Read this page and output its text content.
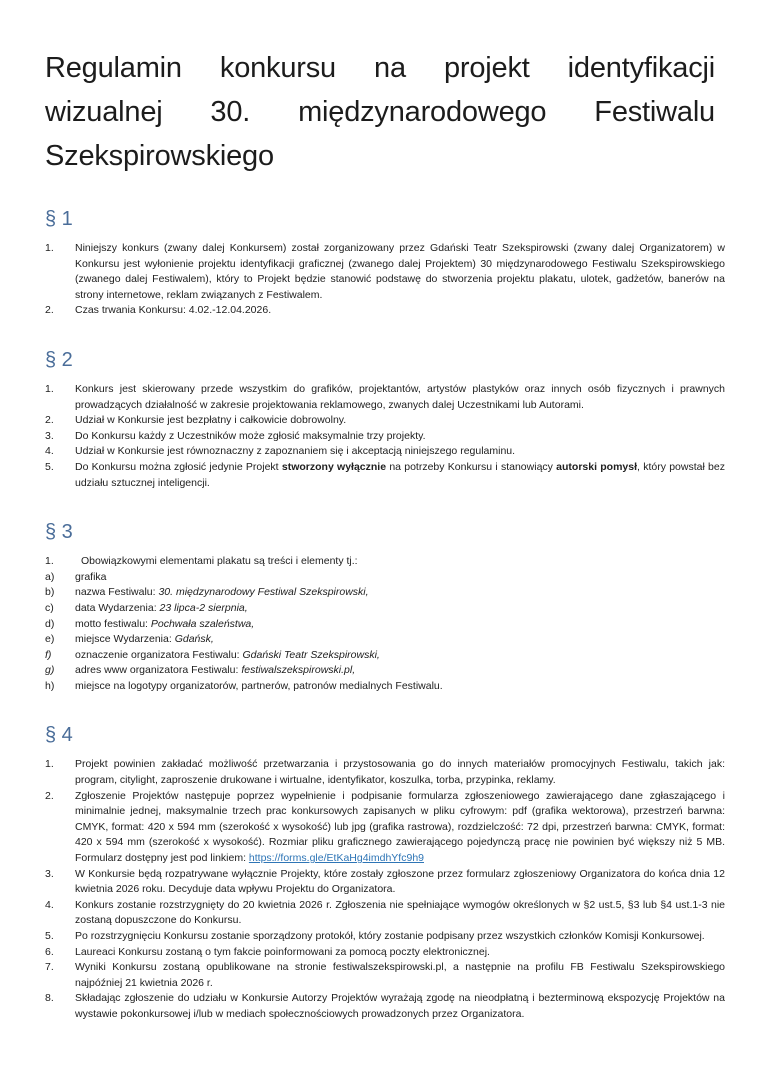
Regulamin konkursu na projekt identyfikacji wizualnej 30. międzynarodowego Festiwalu Szekspirowskiego
§ 1
1.	Niniejszy konkurs (zwany dalej Konkursem) został zorganizowany przez Gdański Teatr Szekspirowski (zwany dalej Organizatorem) w Konkursu jest wyłonienie projektu identyfikacji graficznej (zwanego dalej Projektem) 30 międzynarodowego Festiwalu Szekspirowskiego (zwanego dalej Festiwalem), który to Projekt będzie stanowić podstawę do stworzenia projektu plakatu, ulotek, gadżetów, banerów na strony internetowe, reklam związanych z Festiwalem.
2.	Czas trwania Konkursu: 4.02.-12.04.2026.
§ 2
1.	Konkurs jest skierowany przede wszystkim do grafików, projektantów, artystów plastyków oraz innych osób fizycznych i prawnych prowadzących działalność w zakresie projektowania reklamowego, zwanych dalej Uczestnikami lub Autorami.
2.	Udział w Konkursie jest bezpłatny i całkowicie dobrowolny.
3.	Do Konkursu każdy z Uczestników może zgłosić maksymalnie trzy projekty.
4.	Udział w Konkursie jest równoznaczny z zapoznaniem się i akceptacją niniejszego regulaminu.
5.	Do Konkursu można zgłosić jedynie Projekt stworzony wyłącznie na potrzeby Konkursu i stanowiący autorski pomysł, który powstał bez udziału sztucznej inteligencji.
§ 3
1.	Obowiązkowymi elementami plakatu są treści i elementy tj.:
a)	grafika
b)	nazwa Festiwalu: 30. międzynarodowy Festiwal Szekspirowski,
c)	data Wydarzenia: 23 lipca-2 sierpnia,
d)	motto festiwalu: Pochwała szaleństwa,
e)	miejsce Wydarzenia: Gdańsk,
f)	oznaczenie organizatora Festiwalu: Gdański Teatr Szekspirowski,
g)	adres www organizatora Festiwalu: festiwalszekspirowski.pl,
h)	miejsce na logotypy organizatorów, partnerów, patronów medialnych Festiwalu.
§ 4
1.	Projekt powinien zakładać możliwość przetwarzania i przystosowania go do innych materiałów promocyjnych Festiwalu, takich jak: program, citylight, zaproszenie drukowane i wirtualne, identyfikator, koszulka, torba, przypinka, reklamy.
2.	Zgłoszenie Projektów następuje poprzez wypełnienie i podpisanie formularza zgłoszeniowego zawierającego dane zgłaszającego i minimalnie jednej, maksymalnie trzech prac konkursowych zapisanych w pliku cyfrowym: pdf (grafika wektorowa), przestrzeń barwna: CMYK, format: 420 x 594 mm (szerokość x wysokość) lub jpg (grafika rastrowa), rozdzielczość: 72 dpi, przestrzeń barwna: CMYK, format: 420 x 594 mm (szerokość x wysokość). Rozmiar pliku graficznego zawierającego pojedynczą pracę nie powinien być większy niż 5 MB. Formularz dostępny jest pod linkiem: https://forms.gle/EtKaHg4imdhYfc9h9
3.	W Konkursie będą rozpatrywane wyłącznie Projekty, które zostały zgłoszone przez formularz zgłoszeniowy Organizatora do końca dnia 12 kwietnia 2026 roku. Decyduje data wpływu Projektu do Organizatora.
4.	Konkurs zostanie rozstrzygnięty do 20 kwietnia 2026 r. Zgłoszenia nie spełniające wymogów określonych w §2 ust.5, §3 lub §4 ust.1-3 nie zostaną dopuszczone do Konkursu.
5.	Po rozstrzygnięciu Konkursu zostanie sporządzony protokół, który zostanie podpisany przez wszystkich członków Komisji Konkursowej.
6.	Laureaci Konkursu zostaną o tym fakcie poinformowani za pomocą poczty elektronicznej.
7.	Wyniki Konkursu zostaną opublikowane na stronie festiwalszekspirowski.pl, a następnie na profilu FB Festiwalu Szekspirowskiego najpóźniej 21 kwietnia 2026 r.
8.	Składając zgłoszenie do udziału w Konkursie Autorzy Projektów wyrażają zgodę na nieodpłatną i bezterminową ekspozycję Projektów na wystawie pokonkursowej i/lub w mediach społecznościowych prowadzonych przez Organizatora.
